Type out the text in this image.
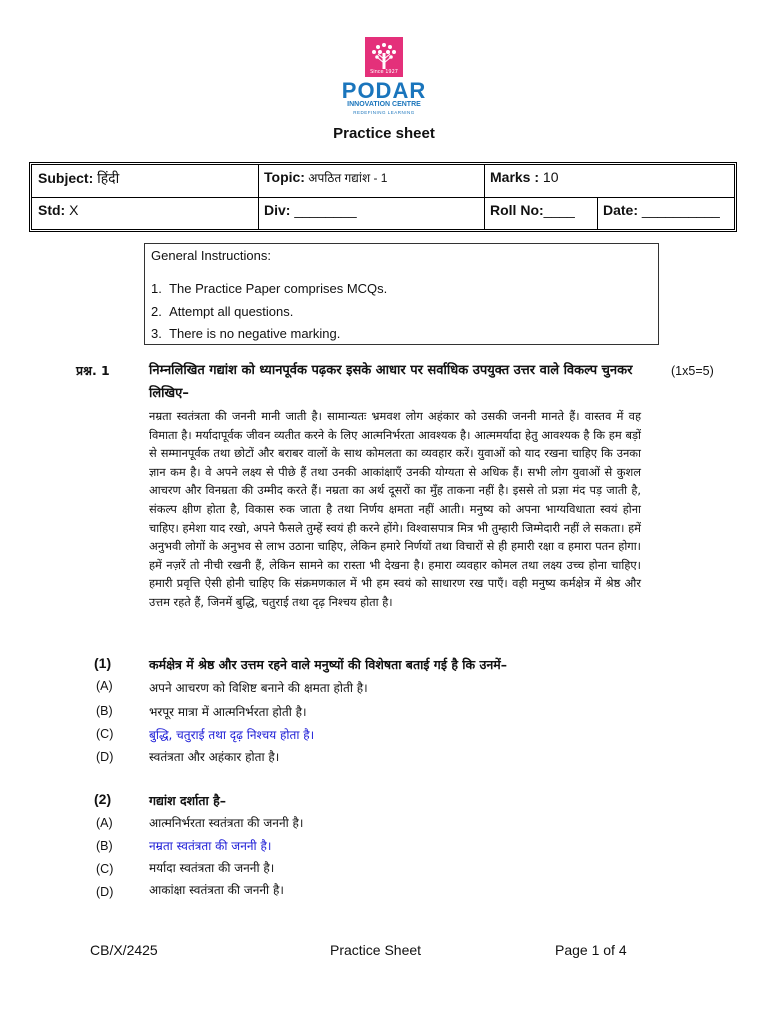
Since 1927
PODAR
INNOVATION CENTRE
REDEFINING LEARNING
Practice sheet
Subject: हिंदी	Topic: अपठित गद्यांश - 1	Marks : 10
Std: X	Div: ________	Roll No:____	Date: __________
General Instructions:
1. The Practice Paper comprises MCQs.
2. Attempt all questions.
3. There is no negative marking.
प्रश्न. 1	निम्नलिखित गद्यांश को ध्यानपूर्वक पढ़कर इसके आधार पर सर्वाधिक उपयुक्त उत्तर वाले विकल्प चुनकर लिखिए–
(1x5=5)
नम्रता स्वतंत्रता की जननी मानी जाती है। सामान्यतः भ्रमवश लोग अहंकार को उसकी जननी मानते हैं। वास्तव में वह विमाता है। मर्यादापूर्वक जीवन व्यतीत करने के लिए आत्मनिर्भरता आवश्यक है। आत्ममर्यादा हेतु आवश्यक है कि हम बड़ों से सम्मानपूर्वक तथा छोटों और बराबर वालों के साथ कोमलता का व्यवहार करें। युवाओं को याद रखना चाहिए कि उनका ज्ञान कम है। वे अपने लक्ष्य से पीछे हैं तथा उनकी आकांक्षाएँ उनकी योग्यता से अधिक हैं। सभी लोग युवाओं से कुशल आचरण और विनम्रता की उम्मीद करते हैं। नम्रता का अर्थ दूसरों का मुँह ताकना नहीं है। इससे तो प्रज्ञा मंद पड़ जाती है, संकल्प क्षीण होता है, विकास रुक जाता है तथा निर्णय क्षमता नहीं आती। मनुष्य को अपना भाग्यविधाता स्वयं होना चाहिए। हमेशा याद रखो, अपने फैसले तुम्हें स्वयं ही करने होंगे। विश्वासपात्र मित्र भी तुम्हारी जिम्मेदारी नहीं ले सकता। हमें अनुभवी लोगों के अनुभव से लाभ उठाना चाहिए, लेकिन हमारे निर्णयों तथा विचारों से ही हमारी रक्षा व हमारा पतन होगा। हमें नज़रें तो नीची रखनी हैं, लेकिन सामने का रास्ता भी देखना है। हमारा व्यवहार कोमल तथा लक्ष्य उच्च होना चाहिए। हमारी प्रवृत्ति ऐसी होनी चाहिए कि संक्रमणकाल में भी हम स्वयं को साधारण रख पाएँ। वही मनुष्य कर्मक्षेत्र में श्रेष्ठ और उत्तम रहते हैं, जिनमें बुद्धि, चतुराई तथा दृढ़ निश्चय होता है।
(1)	कर्मक्षेत्र में श्रेष्ठ और उत्तम रहने वाले मनुष्यों की विशेषता बताई गई है कि उनमें–
(A)	अपने आचरण को विशिष्ट बनाने की क्षमता होती है।
(B)	भरपूर मात्रा में आत्मनिर्भरता होती है।
(C)	बुद्धि, चतुराई तथा दृढ़ निश्चय होता है।
(D)	स्वतंत्रता और अहंकार होता है।
(2)	गद्यांश दर्शाता है–
(A)	आत्मनिर्भरता स्वतंत्रता की जननी है।
(B)	नम्रता स्वतंत्रता की जननी है।
(C)	मर्यादा स्वतंत्रता की जननी है।
(D)	आकांक्षा स्वतंत्रता की जननी है।
CB/X/2425	Practice Sheet	Page 1 of 4
